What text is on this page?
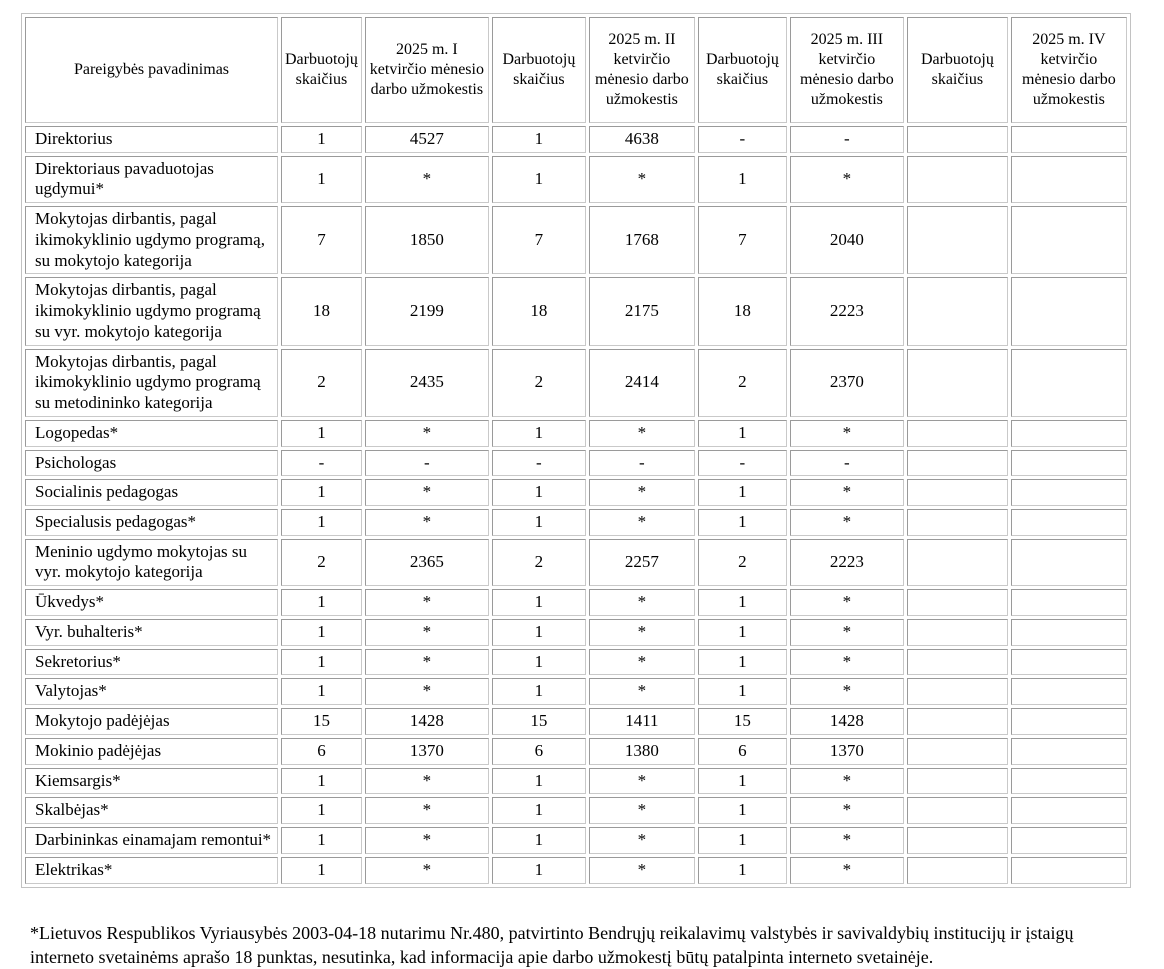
Pareigybės pavadinimas	Darbuotojų skaičius	2025 m. I ketvirčio mėnesio darbo užmokestis	Darbuotojų skaičius	2025 m. II ketvirčio mėnesio darbo užmokestis	Darbuotojų skaičius	2025 m. III ketvirčio mėnesio darbo užmokestis	Darbuotojų skaičius	2025 m. IV ketvirčio mėnesio darbo užmokestis
Direktorius	1	4527	1	4638	-	-		
Direktoriaus pavaduotojas ugdymui*	1	*	1	*	1	*		
Mokytojas dirbantis, pagal ikimokyklinio ugdymo programą, su mokytojo kategorija	7	1850	7	1768	7	2040		
Mokytojas dirbantis, pagal ikimokyklinio ugdymo programą su vyr. mokytojo kategorija	18	2199	18	2175	18	2223		
Mokytojas dirbantis, pagal ikimokyklinio ugdymo programą su metodininko kategorija	2	2435	2	2414	2	2370		
Logopedas*	1	*	1	*	1	*		
Psichologas	-	-	-	-	-	-		
Socialinis pedagogas	1	*	1	*	1	*		
Specialusis pedagogas*	1	*	1	*	1	*		
Meninio ugdymo mokytojas su vyr. mokytojo kategorija	2	2365	2	2257	2	2223		
Ūkvedys*	1	*	1	*	1	*		
Vyr. buhalteris*	1	*	1	*	1	*		
Sekretorius*	1	*	1	*	1	*		
Valytojas*	1	*	1	*	1	*		
Mokytojo padėjėjas	15	1428	15	1411	15	1428		
Mokinio padėjėjas	6	1370	6	1380	6	1370		
Kiemsargis*	1	*	1	*	1	*		
Skalbėjas*	1	*	1	*	1	*		
Darbininkas einamajam remontui*	1	*	1	*	1	*		
Elektrikas*	1	*	1	*	1	*		

*Lietuvos Respublikos Vyriausybės 2003-04-18 nutarimu Nr.480, patvirtinto Bendrųjų reikalavimų valstybės ir savivaldybių institucijų ir įstaigų interneto svetainėms aprašo 18 punktas, nesutinka, kad informacija apie darbo užmokestį būtų patalpinta interneto svetainėje.
